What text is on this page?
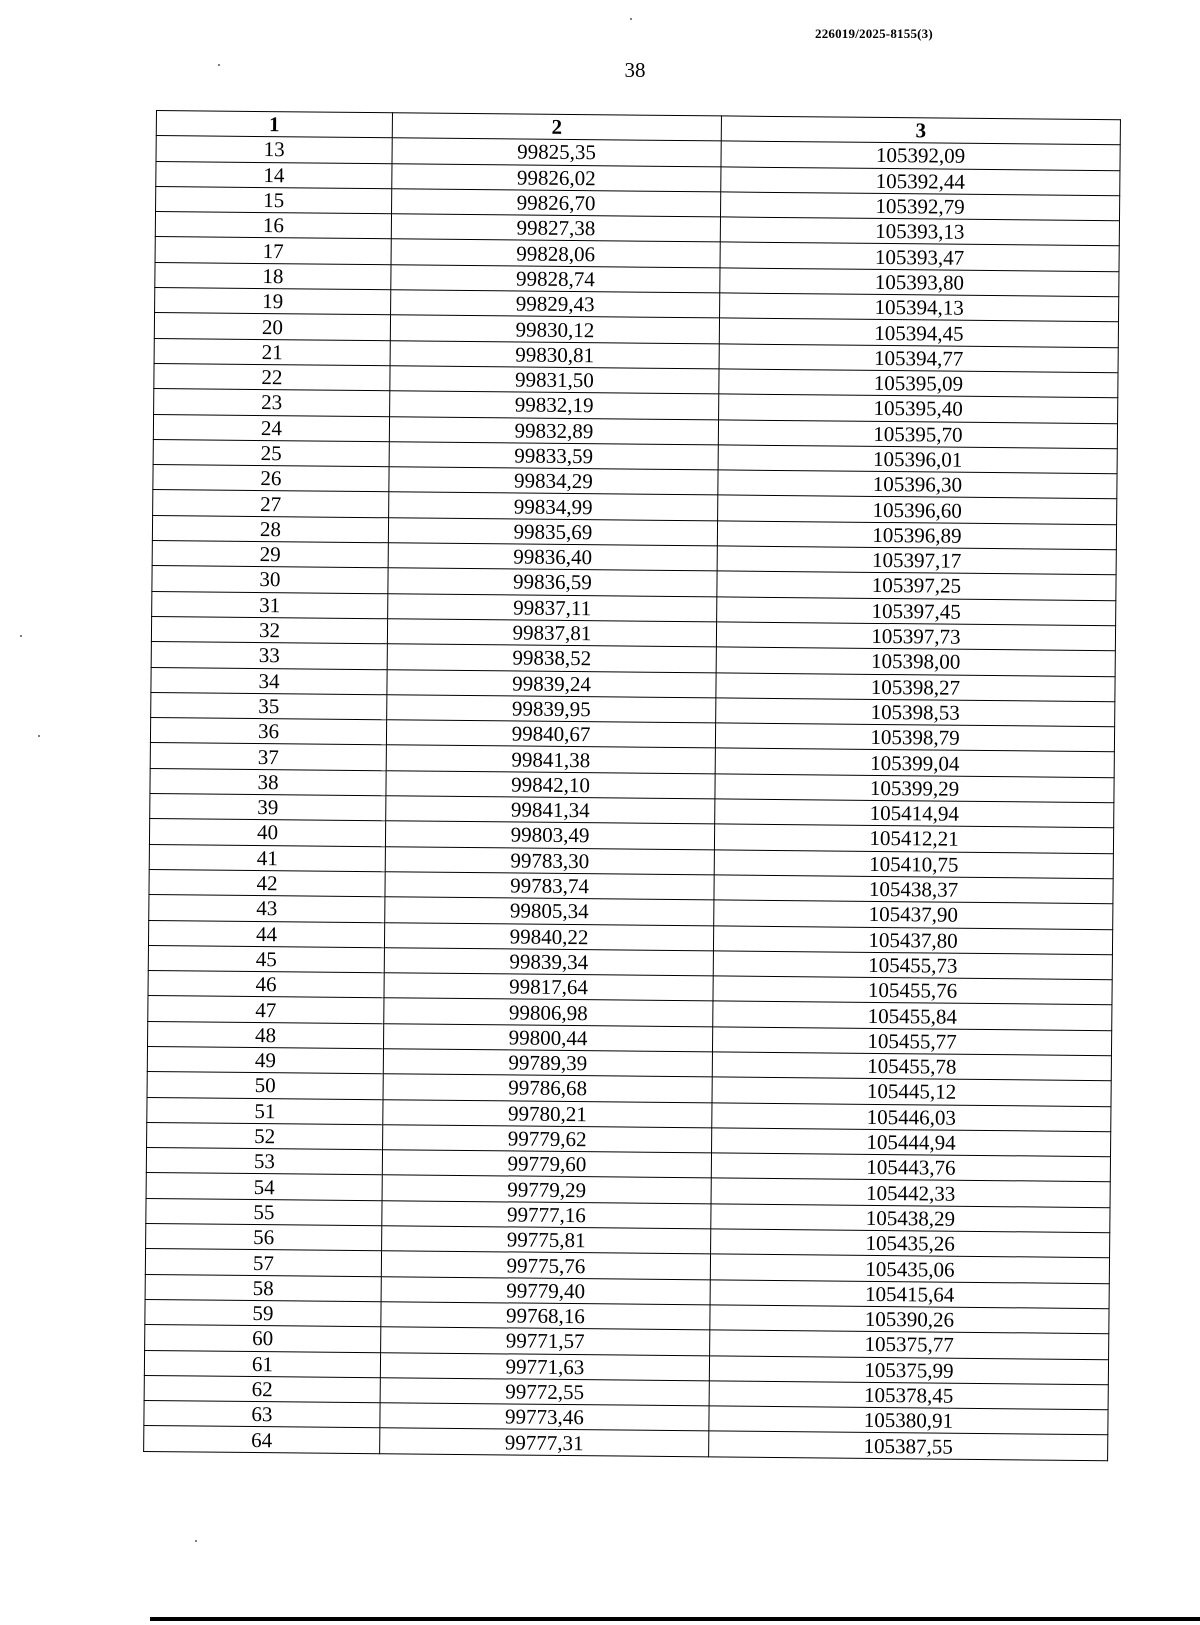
226019/2025-8155(3)
38
1	2	3
13	99825,35	105392,09
14	99826,02	105392,44
15	99826,70	105392,79
16	99827,38	105393,13
17	99828,06	105393,47
18	99828,74	105393,80
19	99829,43	105394,13
20	99830,12	105394,45
21	99830,81	105394,77
22	99831,50	105395,09
23	99832,19	105395,40
24	99832,89	105395,70
25	99833,59	105396,01
26	99834,29	105396,30
27	99834,99	105396,60
28	99835,69	105396,89
29	99836,40	105397,17
30	99836,59	105397,25
31	99837,11	105397,45
32	99837,81	105397,73
33	99838,52	105398,00
34	99839,24	105398,27
35	99839,95	105398,53
36	99840,67	105398,79
37	99841,38	105399,04
38	99842,10	105399,29
39	99841,34	105414,94
40	99803,49	105412,21
41	99783,30	105410,75
42	99783,74	105438,37
43	99805,34	105437,90
44	99840,22	105437,80
45	99839,34	105455,73
46	99817,64	105455,76
47	99806,98	105455,84
48	99800,44	105455,77
49	99789,39	105455,78
50	99786,68	105445,12
51	99780,21	105446,03
52	99779,62	105444,94
53	99779,60	105443,76
54	99779,29	105442,33
55	99777,16	105438,29
56	99775,81	105435,26
57	99775,76	105435,06
58	99779,40	105415,64
59	99768,16	105390,26
60	99771,57	105375,77
61	99771,63	105375,99
62	99772,55	105378,45
63	99773,46	105380,91
64	99777,31	105387,55
